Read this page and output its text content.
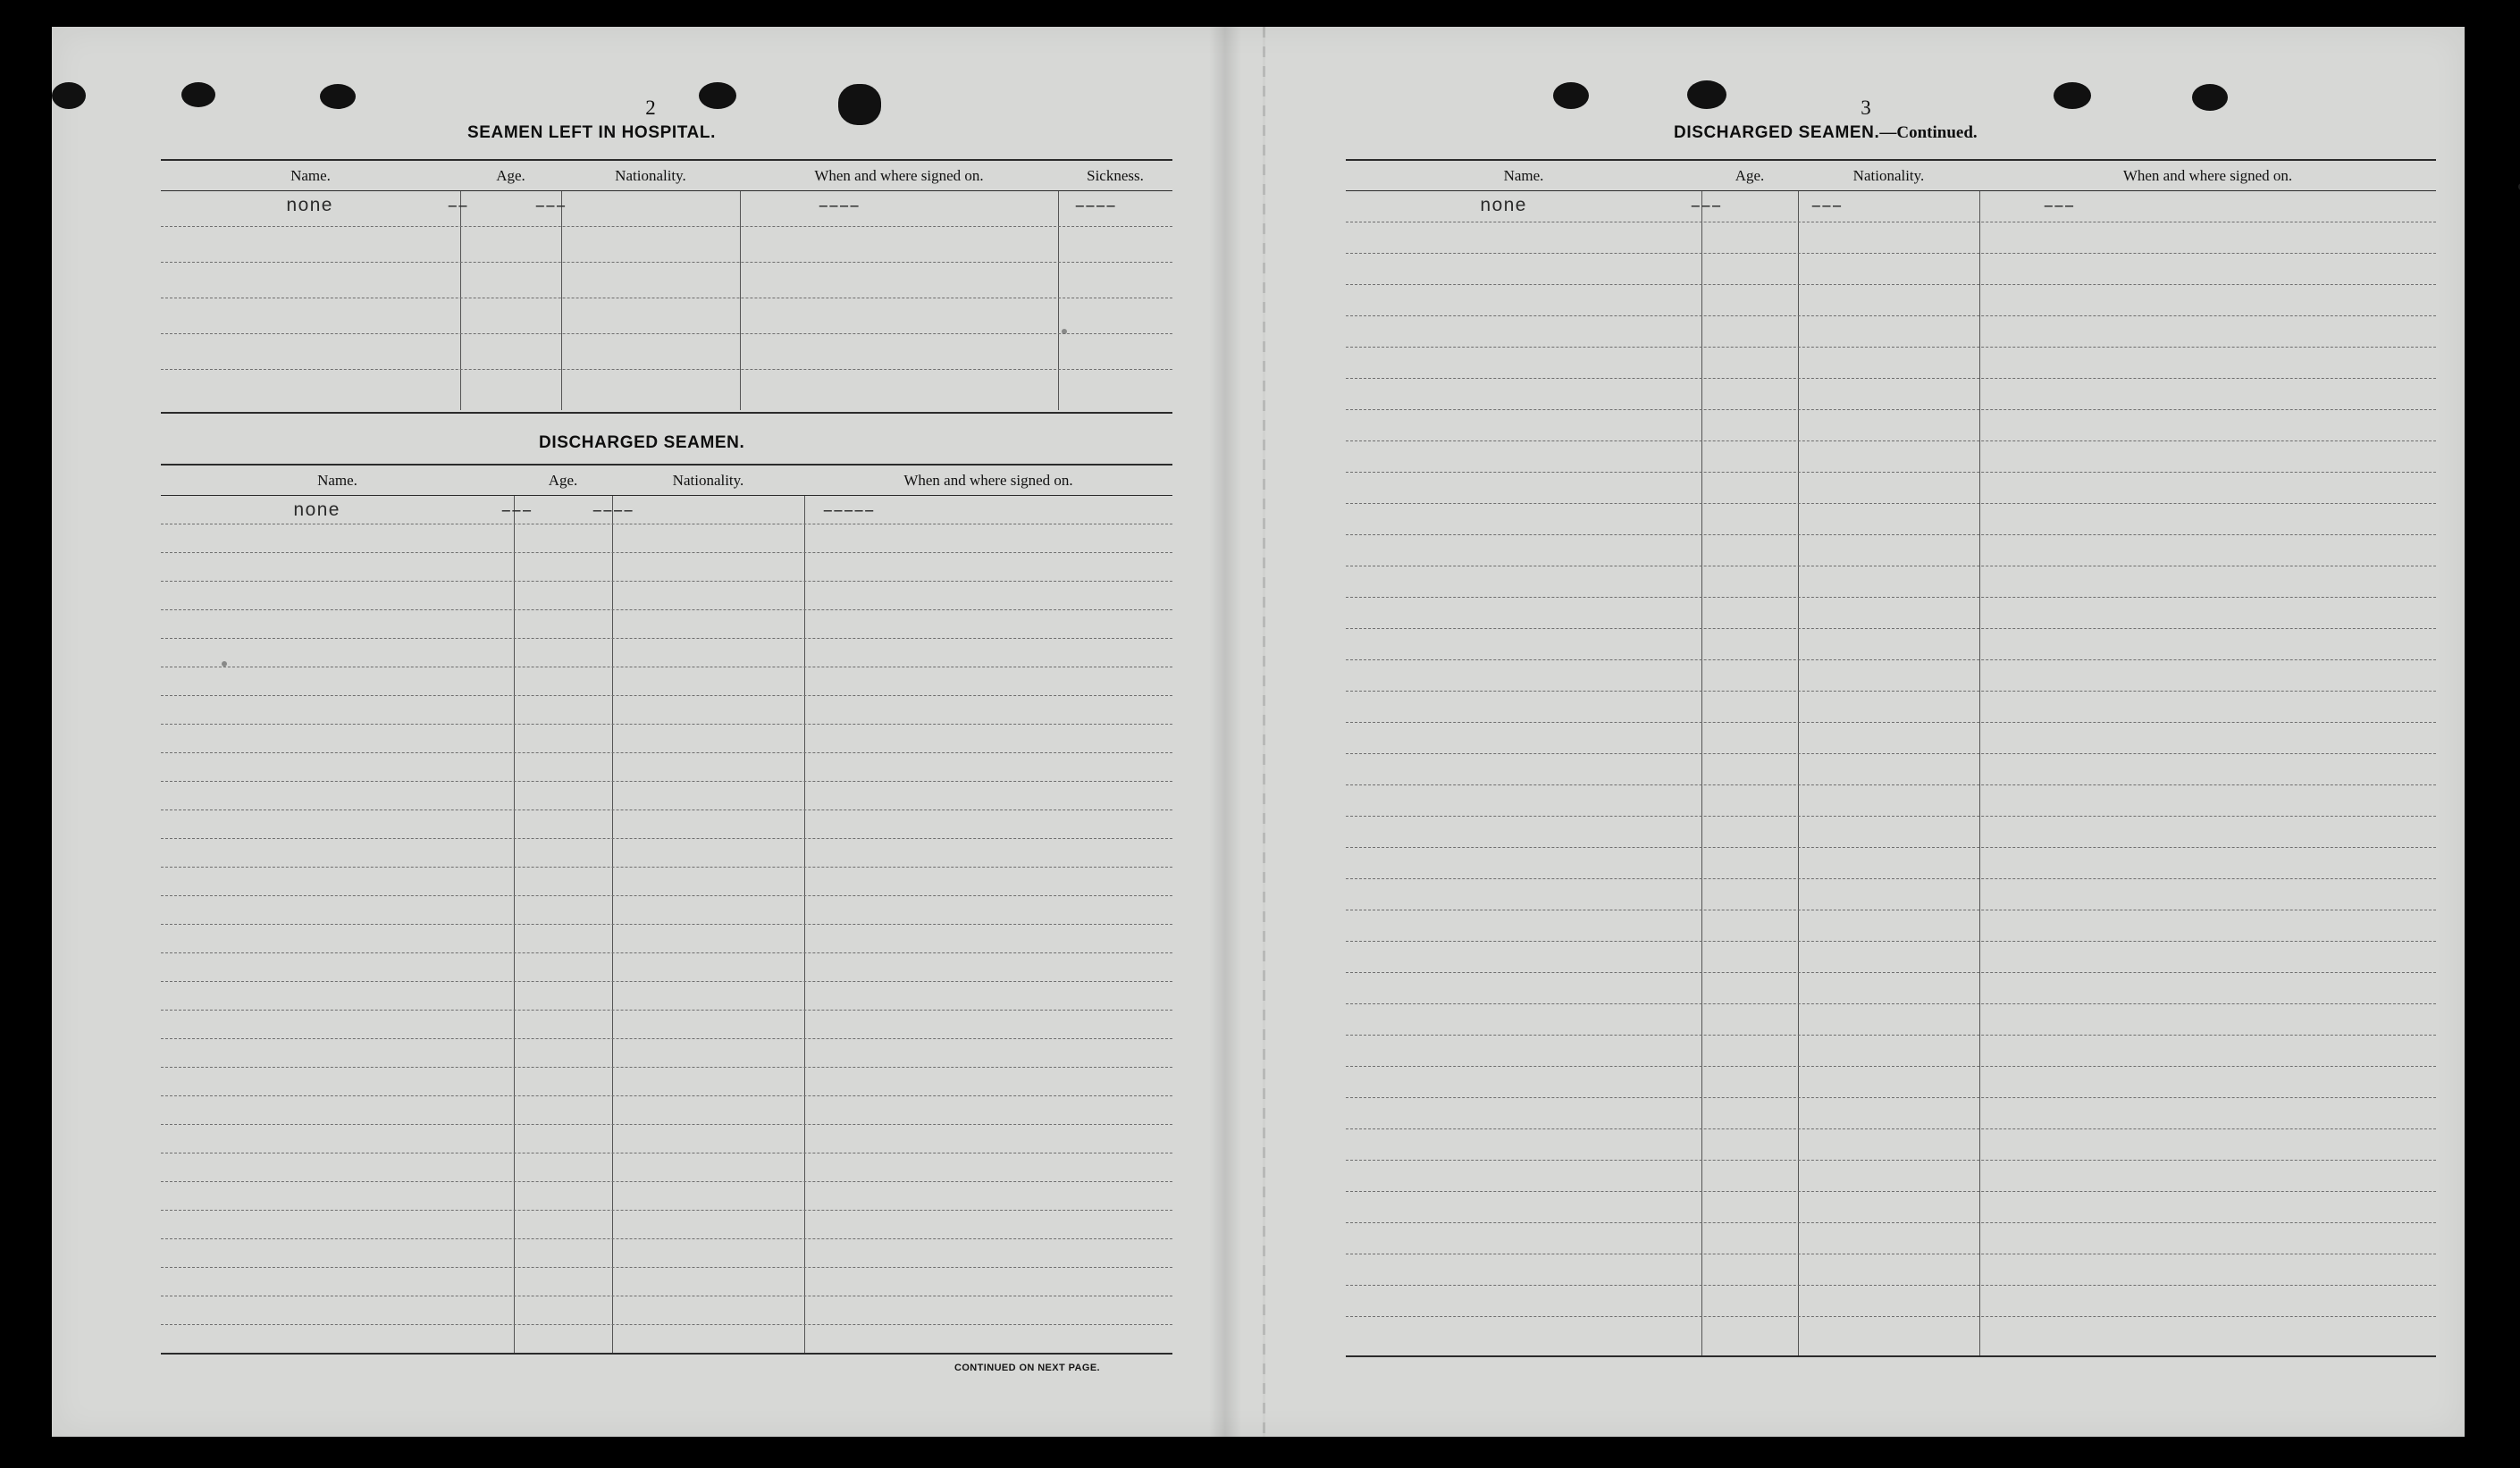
2
SEAMEN LEFT IN HOSPITAL.
Name.	Age.	Nationality.	When and where signed on.	Sickness.
none	––	–––	––––	––––
DISCHARGED SEAMEN.
Name.	Age.	Nationality.	When and where signed on.
none	–––	––––	–––––
CONTINUED ON NEXT PAGE.
3
DISCHARGED SEAMEN.—Continued.
Name.	Age.	Nationality.	When and where signed on.
none	–––	–––	–––
